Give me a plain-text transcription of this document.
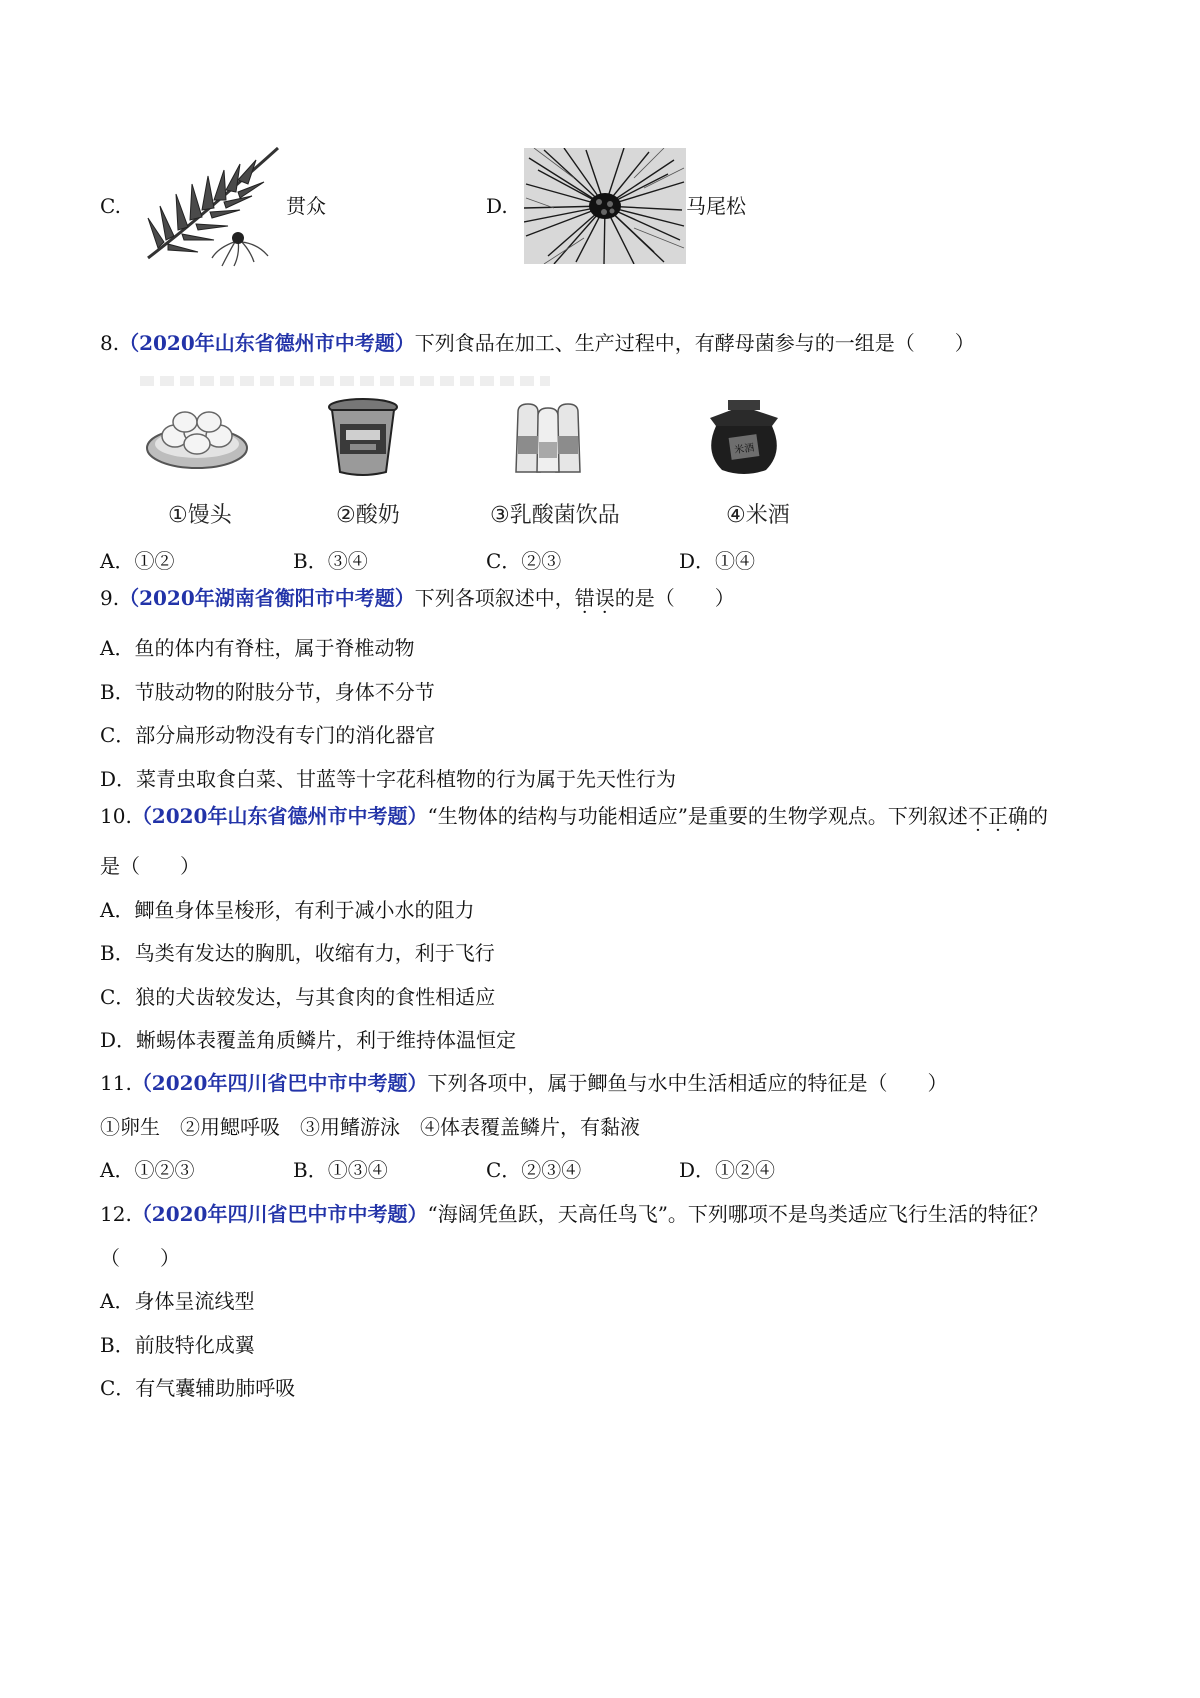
C.	贯众	D.	马尾松
8.（2020年山东省德州市中考题）下列食品在加工、生产过程中，有酵母菌参与的一组是（　　）
米酒
①馒头	②酸奶	③乳酸菌饮品	④米酒
A．①②	B．③④	C．②③	D．①④
9.（2020年湖南省衡阳市中考题）下列各项叙述中，错误的是（　　）
A．鱼的体内有脊柱，属于脊椎动物
B．节肢动物的附肢分节，身体不分节
C．部分扁形动物没有专门的消化器官
D．菜青虫取食白菜、甘蓝等十字花科植物的行为属于先天性行为
10.（2020年山东省德州市中考题）“生物体的结构与功能相适应”是重要的生物学观点。下列叙述不正确的
是（　　）
A．鲫鱼身体呈梭形，有利于减小水的阻力
B．鸟类有发达的胸肌，收缩有力，利于飞行
C．狼的犬齿较发达，与其食肉的食性相适应
D．蜥蜴体表覆盖角质鳞片，利于维持体温恒定
11.（2020年四川省巴中市中考题）下列各项中，属于鲫鱼与水中生活相适应的特征是（　　）
①卵生　②用鳃呼吸　③用鳍游泳　④体表覆盖鳞片，有黏液
A．①②③	B．①③④	C．②③④	D．①②④
12.（2020年四川省巴中市中考题）“海阔凭鱼跃，天高任鸟飞”。下列哪项不是鸟类适应飞行生活的特征？
（　　）
A．身体呈流线型
B．前肢特化成翼
C．有气囊辅助肺呼吸
